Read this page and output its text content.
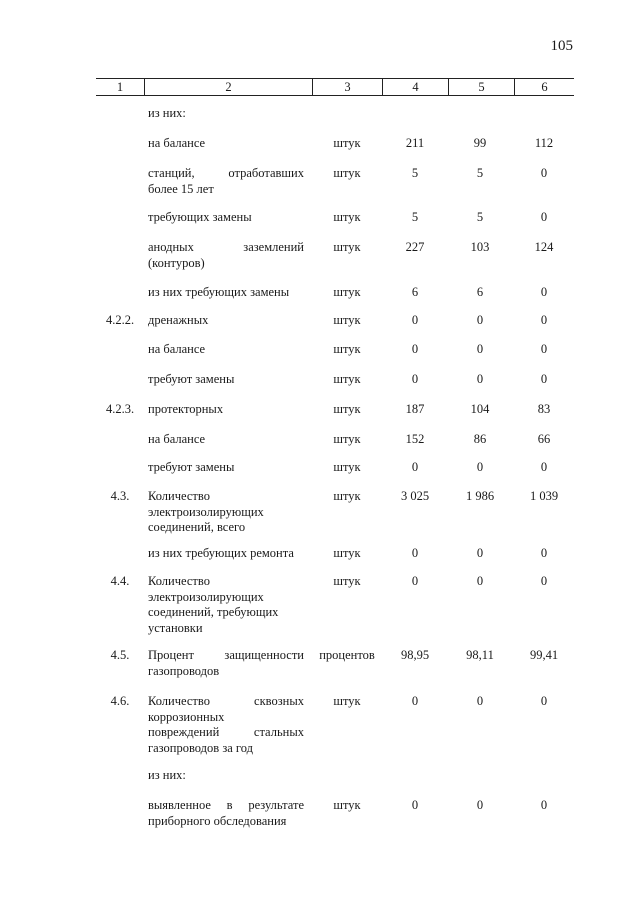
105
1	2	3	4	5	6
из них:
на балансе	штук	211	99	112
станций, отработавших
более 15 лет
штук	5	5	0
требующих замены	штук	5	5	0
анодных заземлений
(контуров)
штук	227	103	124
из них требующих замены	штук	6	6	0
4.2.2.	дренажных	штук	0	0	0
на балансе	штук	0	0	0
требуют замены	штук	0	0	0
4.2.3.	протекторных	штук	187	104	83
на балансе	штук	152	86	66
требуют замены	штук	0	0	0
4.3.	Количество
электроизолирующих
соединений, всего
штук	3 025	1 986	1 039
из них требующих ремонта	штук	0	0	0
4.4.	Количество
электроизолирующих
соединений, требующих
установки
штук	0	0	0
4.5.	Процент защищенности
газопроводов
процентов	98,95	98,11	99,41
4.6.	Количество сквозных
коррозионных
повреждений стальных
газопроводов за год
штук	0	0	0
из них:
выявленное в результате
приборного обследования
штук	0	0	0
